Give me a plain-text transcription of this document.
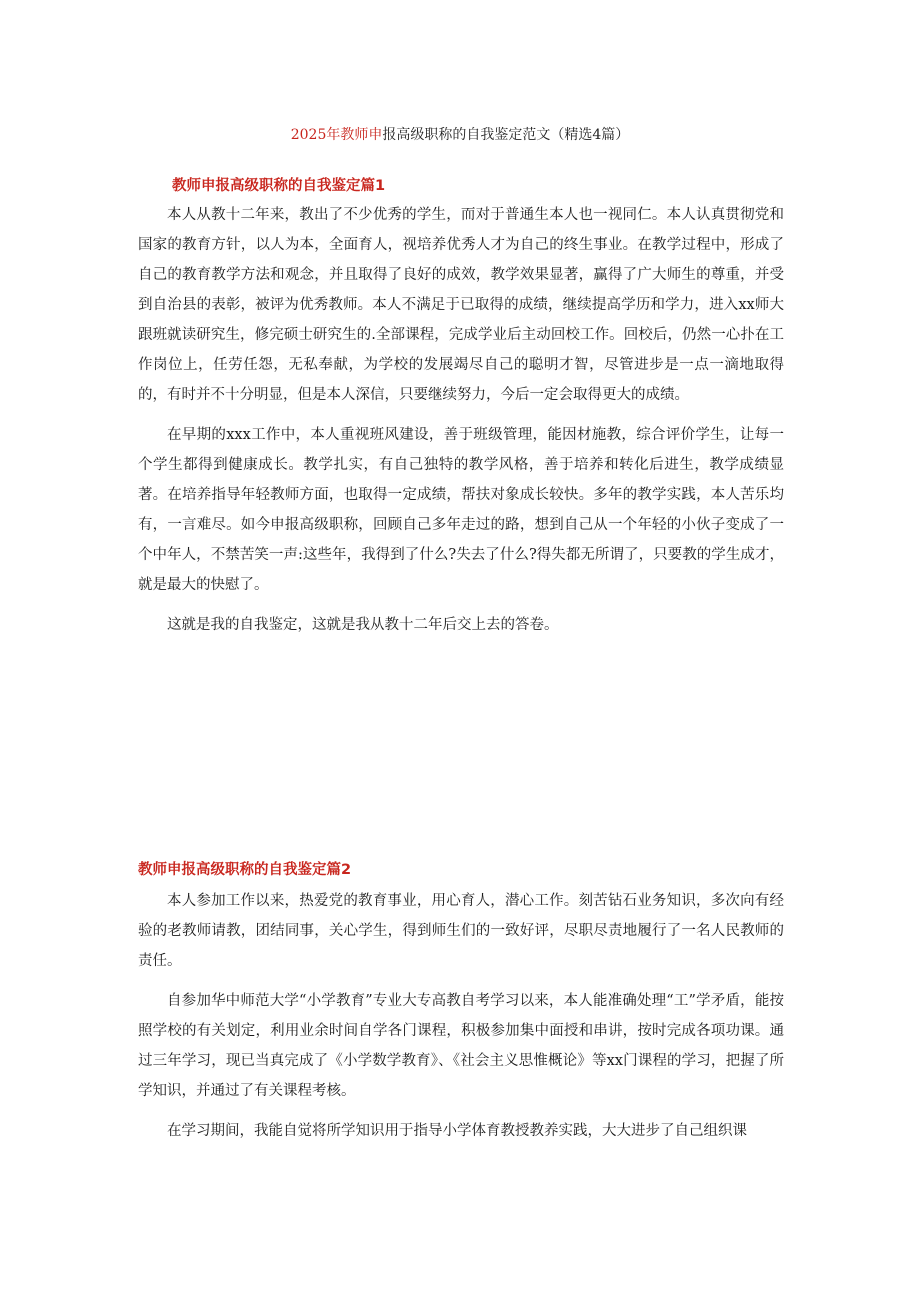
2025年教师申报高级职称的自我鉴定范文（精选4篇）
教师申报高级职称的自我鉴定篇1

本人从教十二年来，教出了不少优秀的学生，而对于普通生本人也一视同仁。本人认真贯彻党和国家的教育方针，以人为本，全面育人，视培养优秀人才为自己的终生事业。在教学过程中，形成了自己的教育教学方法和观念，并且取得了良好的成效，教学效果显著，赢得了广大师生的尊重，并受到自治县的表彰，被评为优秀教师。本人不满足于已取得的成绩，继续提高学历和学力，进入xx师大跟班就读研究生，修完硕士研究生的.全部课程，完成学业后主动回校工作。回校后，仍然一心扑在工作岗位上，任劳任怨，无私奉献，为学校的发展竭尽自己的聪明才智，尽管进步是一点一滴地取得的，有时并不十分明显，但是本人深信，只要继续努力，今后一定会取得更大的成绩。

在早期的xxx工作中，本人重视班风建设，善于班级管理，能因材施教，综合评价学生，让每一个学生都得到健康成长。教学扎实，有自己独特的教学风格，善于培养和转化后进生，教学成绩显著。在培养指导年轻教师方面，也取得一定成绩，帮扶对象成长较快。多年的教学实践，本人苦乐均有，一言难尽。如今申报高级职称，回顾自己多年走过的路，想到自己从一个年轻的小伙子变成了一个中年人，不禁苦笑一声:这些年，我得到了什么?失去了什么?得失都无所谓了，只要教的学生成才，就是最大的快慰了。

这就是我的自我鉴定，这就是我从教十二年后交上去的答卷。

教师申报高级职称的自我鉴定篇2

本人参加工作以来，热爱党的教育事业，用心育人，潜心工作。刻苦钻石业务知识，多次向有经验的老教师请教，团结同事，关心学生，得到师生们的一致好评，尽职尽责地履行了一名人民教师的责任。

自参加华中师范大学“小学教育”专业大专高教自考学习以来，本人能准确处理“工”学矛盾，能按照学校的有关划定，利用业余时间自学各门课程，积极参加集中面授和串讲，按时完成各项功课。通过三年学习，现已当真完成了《小学数学教育》、《社会主义思惟概论》等xx门课程的学习，把握了所学知识，并通过了有关课程考核。

在学习期间，我能自觉将所学知识用于指导小学体育教授教养实践，大大进步了自己组织课
